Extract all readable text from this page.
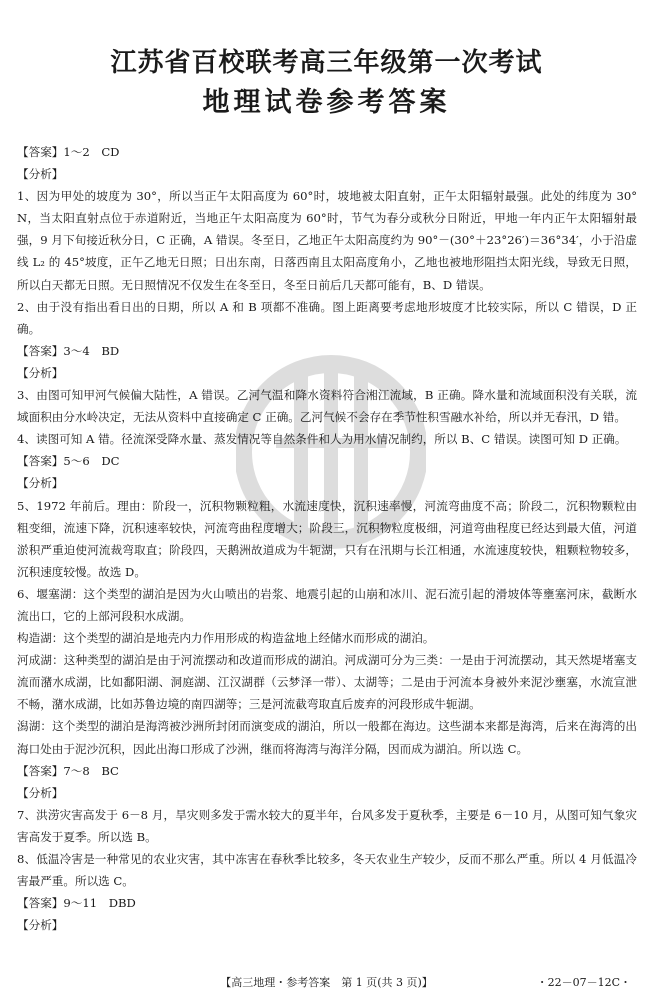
江苏省百校联考高三年级第一次考试
地理试卷参考答案

【答案】1～2　CD

【分析】

1、因为甲处的坡度为 30°，所以当正午太阳高度为 60°时，坡地被太阳直射，正午太阳辐射最强。此处的纬度为 30° N，当太阳直射点位于赤道附近，当地正午太阳高度为 60°时，节气为春分或秋分日附近，甲地一年内正午太阳辐射最强，9 月下旬接近秋分日，C 正确，A 错误。冬至日，乙地正午太阳高度约为 90°－(30°＋23°26′)＝36°34′，小于沿虚线 L₂ 的 45°坡度，正午乙地无日照；日出东南，日落西南且太阳高度角小，乙地也被地形阻挡太阳光线，导致无日照，所以白天都无日照。无日照情况不仅发生在冬至日，冬至日前后几天都可能有，B、D 错误。

2、由于没有指出看日出的日期，所以 A 和 B 项都不准确。图上距离要考虑地形坡度才比较实际，所以 C 错误，D 正确。

【答案】3～4　BD

【分析】

3、由图可知甲河气候偏大陆性，A 错误。乙河气温和降水资料符合湘江流域，B 正确。降水量和流域面积没有关联，流域面积由分水岭决定，无法从资料中直接确定 C 正确。乙河气候不会存在季节性积雪融水补给，所以并无春汛，D 错。

4、读图可知 A 错。径流深受降水量、蒸发情况等自然条件和人为用水情况制约，所以 B、C 错误。读图可知 D 正确。

【答案】5～6　DC

【分析】

5、1972 年前后。理由：阶段一，沉积物颗粒粗，水流速度快，沉积速率慢，河流弯曲度不高；阶段二，沉积物颗粒由粗变细，流速下降，沉积速率较快，河流弯曲程度增大；阶段三，沉积物粒度极细，河道弯曲程度已经达到最大值，河道淤积严重迫使河流裁弯取直；阶段四，天鹅洲故道成为牛轭湖，只有在汛期与长江相通，水流速度较快，粗颗粒物较多，沉积速度较慢。故选 D。

6、堰塞湖：这个类型的湖泊是因为火山喷出的岩浆、地震引起的山崩和冰川、泥石流引起的滑坡体等壅塞河床，截断水流出口，它的上部河段积水成湖。

构造湖：这个类型的湖泊是地壳内力作用形成的构造盆地上经储水而形成的湖泊。

河成湖：这种类型的湖泊是由于河流摆动和改道而形成的湖泊。河成湖可分为三类：一是由于河流摆动，其天然堤堵塞支流而潴水成湖，比如鄱阳湖、洞庭湖、江汉湖群（云梦泽一带）、太湖等；二是由于河流本身被外来泥沙壅塞，水流宣泄不畅，潴水成湖，比如苏鲁边境的南四湖等；三是河流截弯取直后废弃的河段形成牛轭湖。

潟湖：这个类型的湖泊是海湾被沙洲所封闭而演变成的湖泊，所以一般都在海边。这些湖本来都是海湾，后来在海湾的出海口处由于泥沙沉积，因此出海口形成了沙洲，继而将海湾与海洋分隔，因而成为湖泊。所以选 C。

【答案】7～8　BC

【分析】

7、洪涝灾害高发于 6－8 月，旱灾则多发于需水较大的夏半年，台风多发于夏秋季，主要是 6－10 月，从图可知气象灾害高发于夏季。所以选 B。

8、低温冷害是一种常见的农业灾害，其中冻害在春秋季比较多，冬天农业生产较少，反而不那么严重。所以 4 月低温冷害最严重。所以选 C。

【答案】9～11　DBD

【分析】

【高三地理・参考答案　第 1 页(共 3 页)】	・22－07－12C・
